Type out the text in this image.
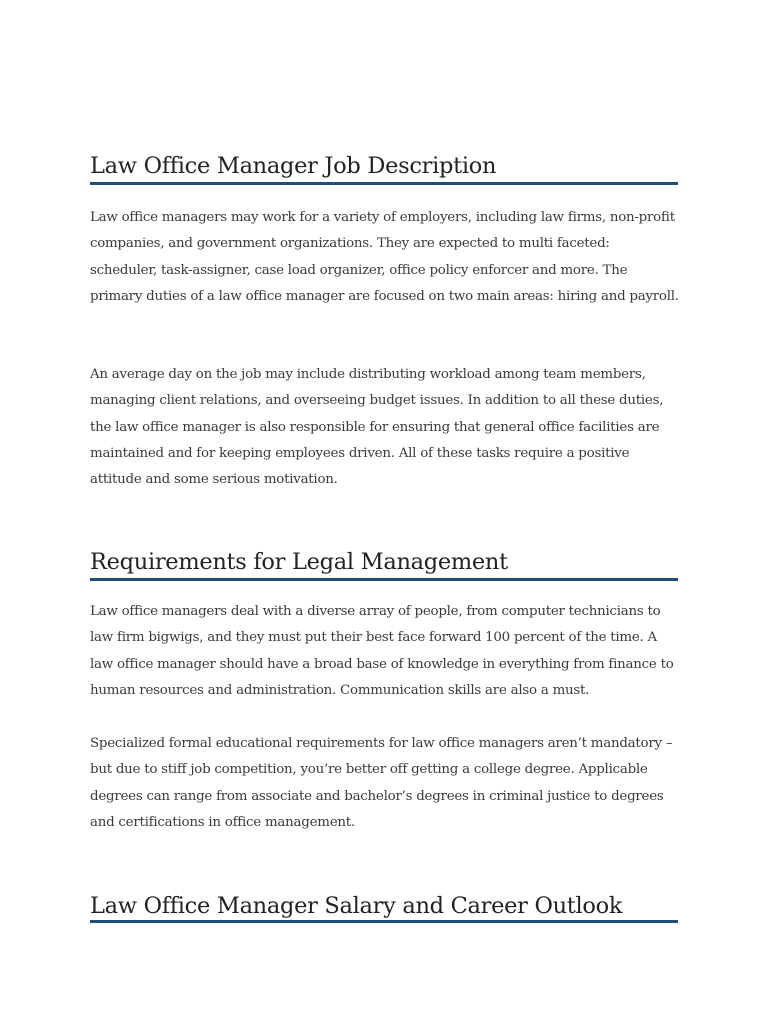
Law Office Manager Job Description

Law office managers may work for a variety of employers, including law firms, non-profit companies, and government organizations. They are expected to multi faceted: scheduler, task-assigner, case load organizer, office policy enforcer and more. The primary duties of a law office manager are focused on two main areas: hiring and payroll.

An average day on the job may include distributing workload among team members, managing client relations, and overseeing budget issues. In addition to all these duties, the law office manager is also responsible for ensuring that general office facilities are maintained and for keeping employees driven. All of these tasks require a positive attitude and some serious motivation.

Requirements for Legal Management

Law office managers deal with a diverse array of people, from computer technicians to law firm bigwigs, and they must put their best face forward 100 percent of the time. A law office manager should have a broad base of knowledge in everything from finance to human resources and administration. Communication skills are also a must.

Specialized formal educational requirements for law office managers aren’t mandatory – but due to stiff job competition, you’re better off getting a college degree. Applicable degrees can range from associate and bachelor’s degrees in criminal justice to degrees and certifications in office management.

Law Office Manager Salary and Career Outlook
